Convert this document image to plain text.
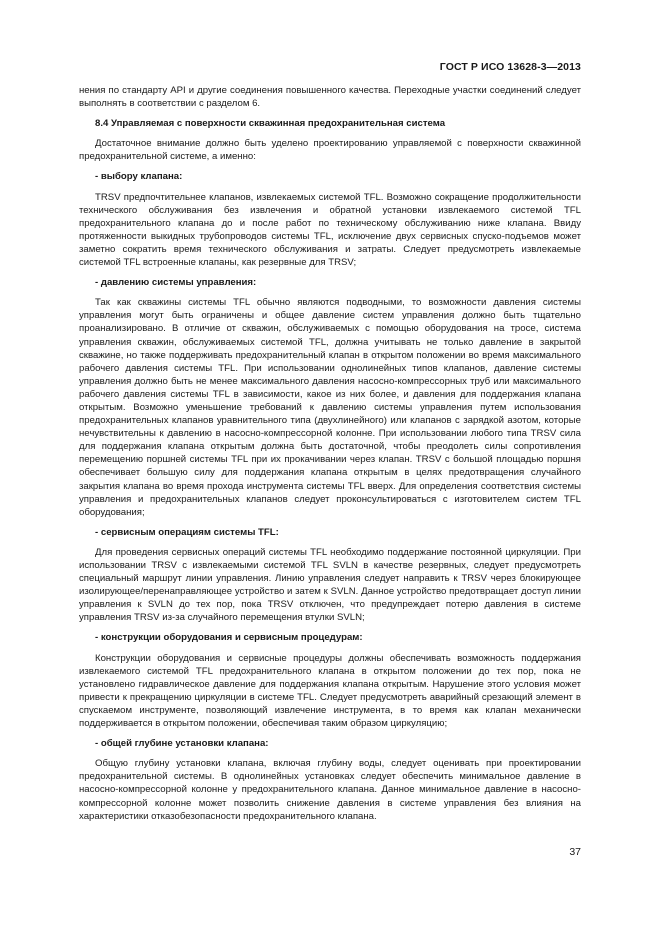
ГОСТ Р ИСО 13628-3—2013

нения по стандарту API и другие соединения повышенного качества. Переходные участки соединений следует выполнять в соответствии с разделом 6.

8.4 Управляемая с поверхности скважинная предохранительная система

Достаточное внимание должно быть уделено проектированию управляемой с поверхности скважинной предохранительной системе, а именно:

- выбору клапана:

TRSV предпочтительнее клапанов, извлекаемых системой TFL. Возможно сокращение продолжительности технического обслуживания без извлечения и обратной установки извлекаемого системой TFL предохранительного клапана до и после работ по техническому обслуживанию ниже клапана. Ввиду протяженности выкидных трубопроводов системы TFL, исключение двух сервисных спуско-подъемов может заметно сократить время технического обслуживания и затраты. Следует предусмотреть извлекаемые системой TFL встроенные клапаны, как резервные для TRSV;

- давлению системы управления:

Так как скважины системы TFL обычно являются подводными, то возможности давления системы управления могут быть ограничены и общее давление систем управления должно быть тщательно проанализировано. В отличие от скважин, обслуживаемых с помощью оборудования на тросе, система управления скважин, обслуживаемых системой TFL, должна учитывать не только давление в закрытой скважине, но также поддерживать предохранительный клапан в открытом положении во время максимального рабочего давления системы TFL. При использовании однолинейных типов клапанов, давление системы управления должно быть не менее максимального давления насосно-компрессорных труб или максимального рабочего давления системы TFL в зависимости, какое из них более, и давления для поддержания клапана открытым. Возможно уменьшение требований к давлению системы управления путем использования предохранительных клапанов уравнительного типа (двухлинейного) или клапанов с зарядкой азотом, которые нечувствительны к давлению в насосно-компрессорной колонне. При использовании любого типа TRSV сила для поддержания клапана открытым должна быть достаточной, чтобы преодолеть силы сопротивления перемещению поршней системы TFL при их прокачивании через клапан. TRSV с большой площадью поршня обеспечивает большую силу для поддержания клапана открытым в целях предотвращения случайного закрытия клапана во время прохода инструмента системы TFL вверх. Для определения соответствия системы управления и предохранительных клапанов следует проконсультироваться с изготовителем систем TFL оборудования;

- сервисным операциям системы TFL:

Для проведения сервисных операций системы TFL необходимо поддержание постоянной циркуляции. При использовании TRSV с извлекаемыми системой TFL SVLN в качестве резервных, следует предусмотреть специальный маршрут линии управления. Линию управления следует направить к TRSV через блокирующее изолирующее/перенаправляющее устройство и затем к SVLN. Данное устройство предотвращает доступ линии управления к SVLN до тех пор, пока TRSV отключен, что предупреждает потерю давления в системе управления TRSV из-за случайного перемещения втулки SVLN;

- конструкции оборудования и сервисным процедурам:

Конструкции оборудования и сервисные процедуры должны обеспечивать возможность поддержания извлекаемого системой TFL предохранительного клапана в открытом положении до тех пор, пока не установлено гидравлическое давление для поддержания клапана открытым. Нарушение этого условия может привести к прекращению циркуляции в системе TFL. Следует предусмотреть аварийный срезающий элемент в спускаемом инструменте, позволяющий извлечение инструмента, в то время как клапан механически поддерживается в открытом положении, обеспечивая таким образом циркуляцию;

- общей глубине установки клапана:

Общую глубину установки клапана, включая глубину воды, следует оценивать при проектировании предохранительной системы. В однолинейных установках следует обеспечить минимальное давление в насосно-компрессорной колонне у предохранительного клапана. Данное минимальное давление в насосно-компрессорной колонне может позволить снижение давления в системе управления без влияния на характеристики отказобезопасности предохранительного клапана.

37
